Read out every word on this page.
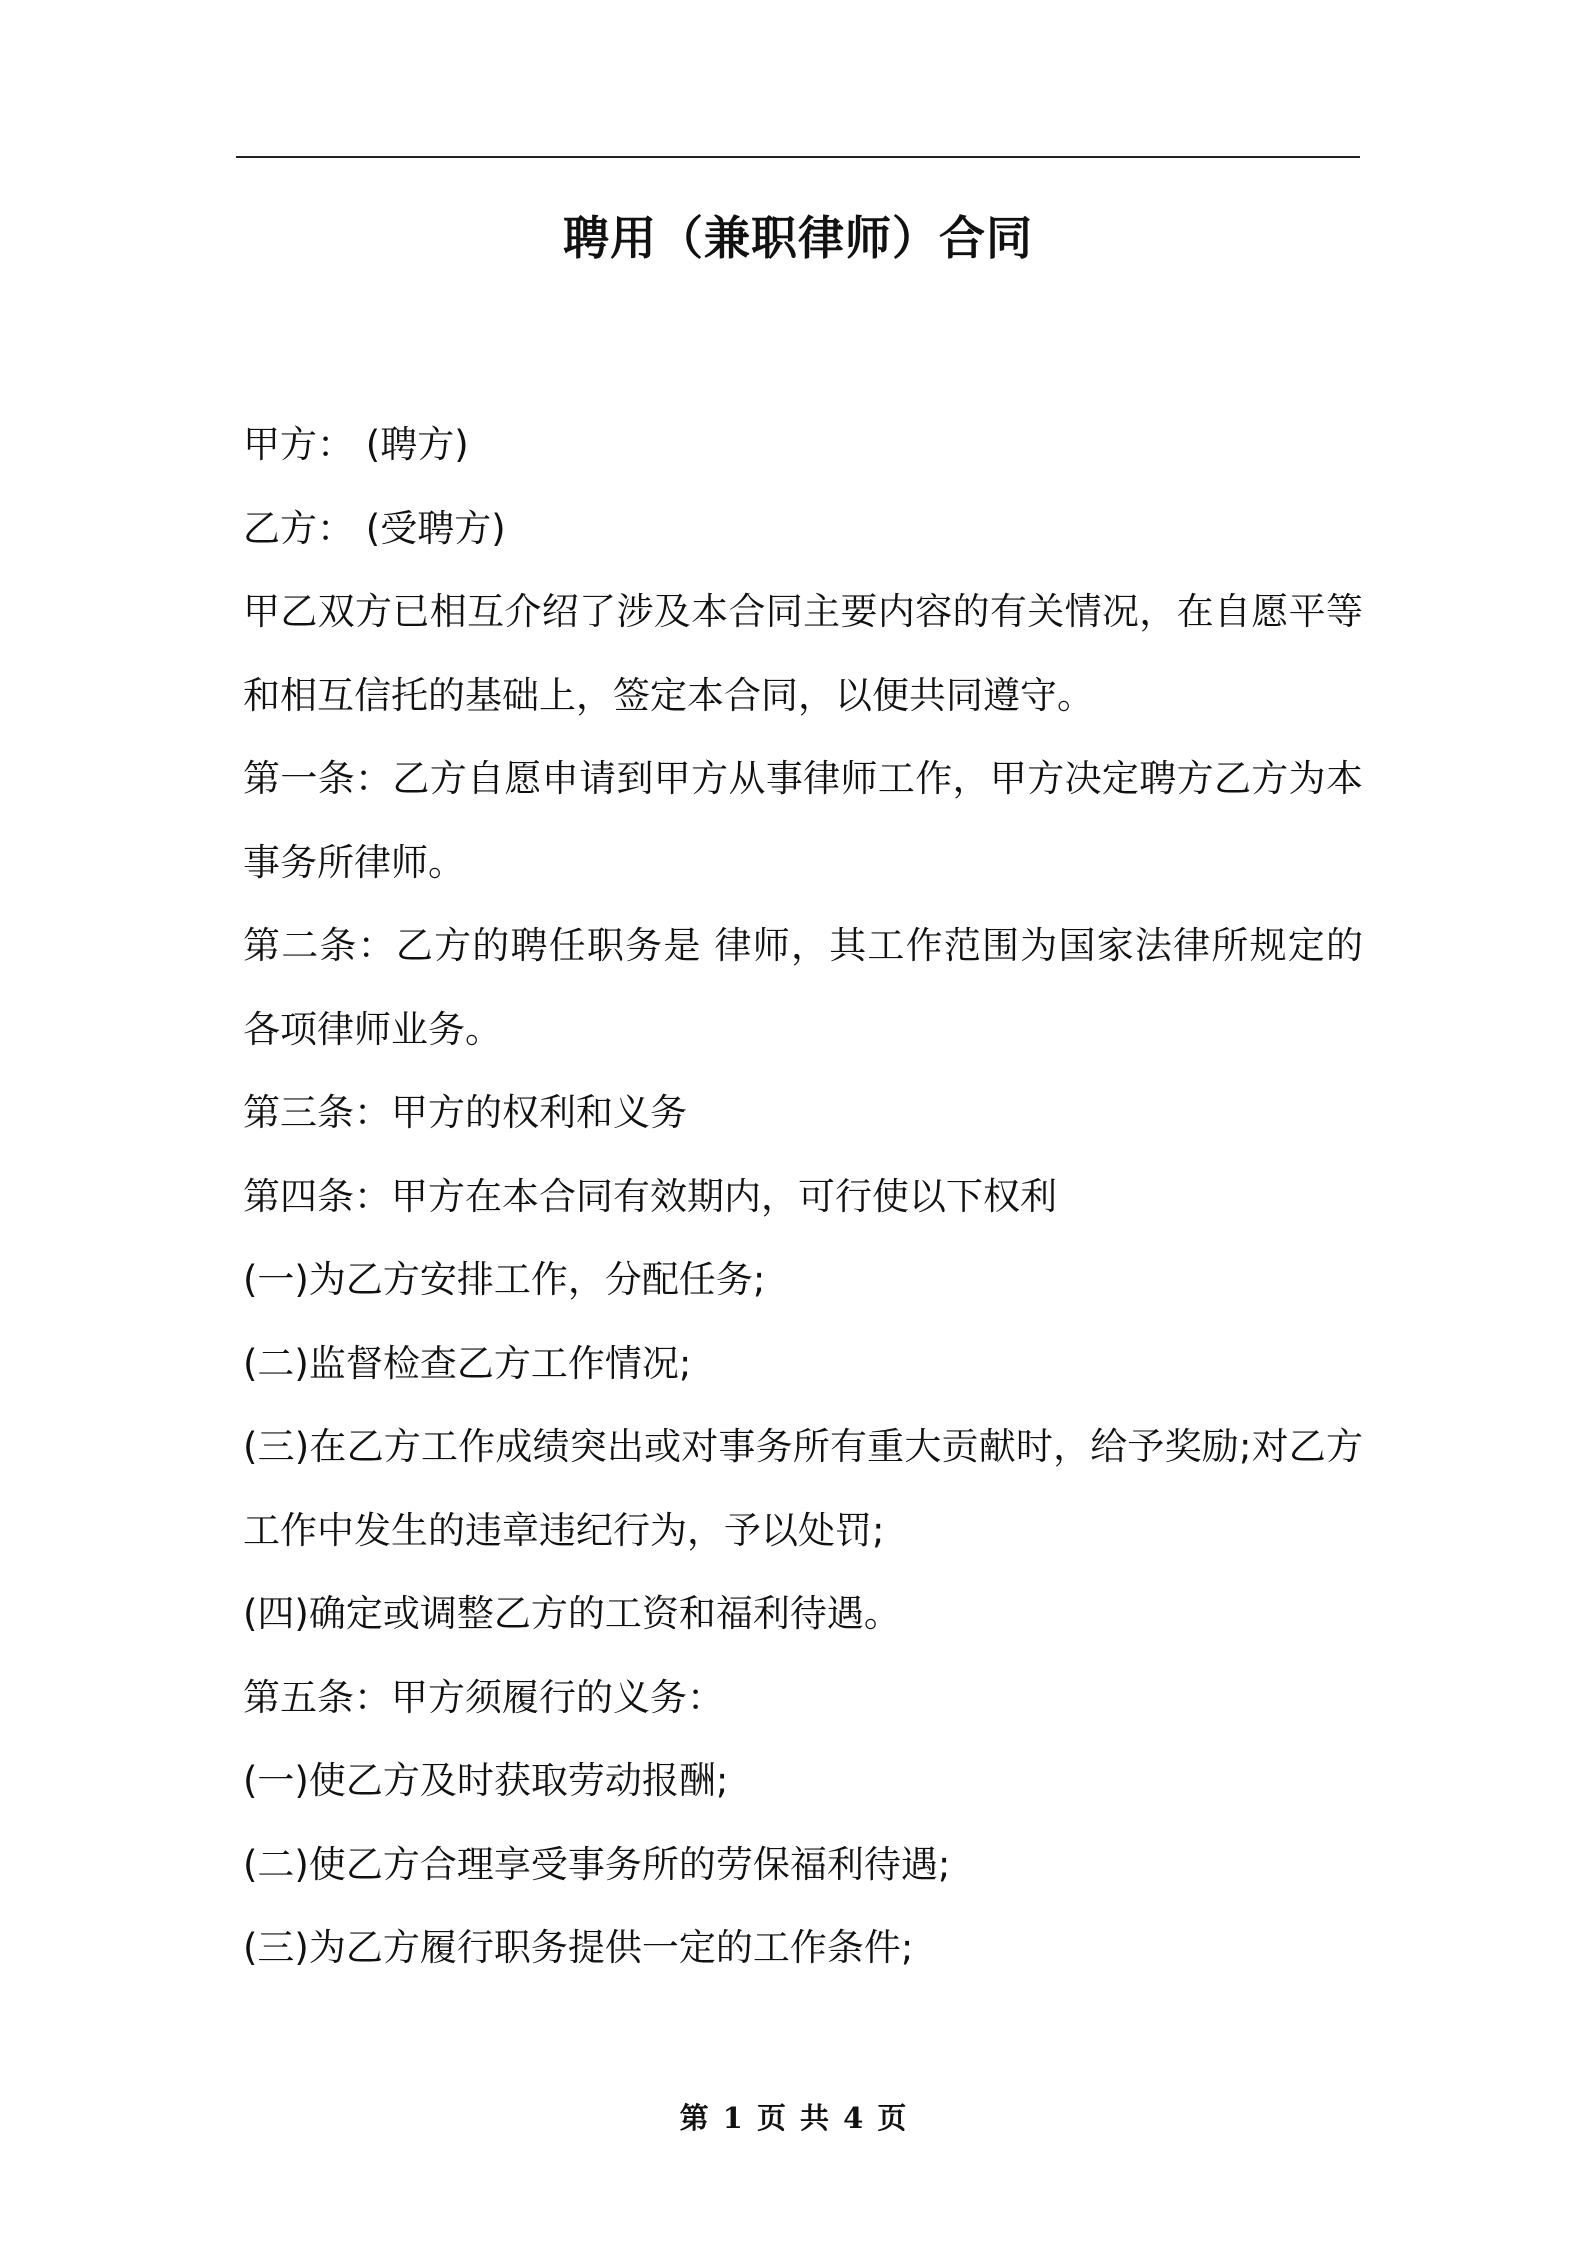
聘用（兼职律师）合同

甲方： (聘方)

乙方： (受聘方)

甲乙双方已相互介绍了涉及本合同主要内容的有关情况，在自愿平等和相互信托的基础上，签定本合同，以便共同遵守。

第一条：乙方自愿申请到甲方从事律师工作，甲方决定聘方乙方为本事务所律师。

第二条：乙方的聘任职务是 律师，其工作范围为国家法律所规定的各项律师业务。

第三条：甲方的权利和义务

第四条：甲方在本合同有效期内，可行使以下权利

(一)为乙方安排工作，分配任务;

(二)监督检查乙方工作情况;

(三)在乙方工作成绩突出或对事务所有重大贡献时，给予奖励;对乙方工作中发生的违章违纪行为，予以处罚;

(四)确定或调整乙方的工资和福利待遇。

第五条：甲方须履行的义务：

(一)使乙方及时获取劳动报酬;

(二)使乙方合理享受事务所的劳保福利待遇;

(三)为乙方履行职务提供一定的工作条件;

第 1 页 共 4 页
